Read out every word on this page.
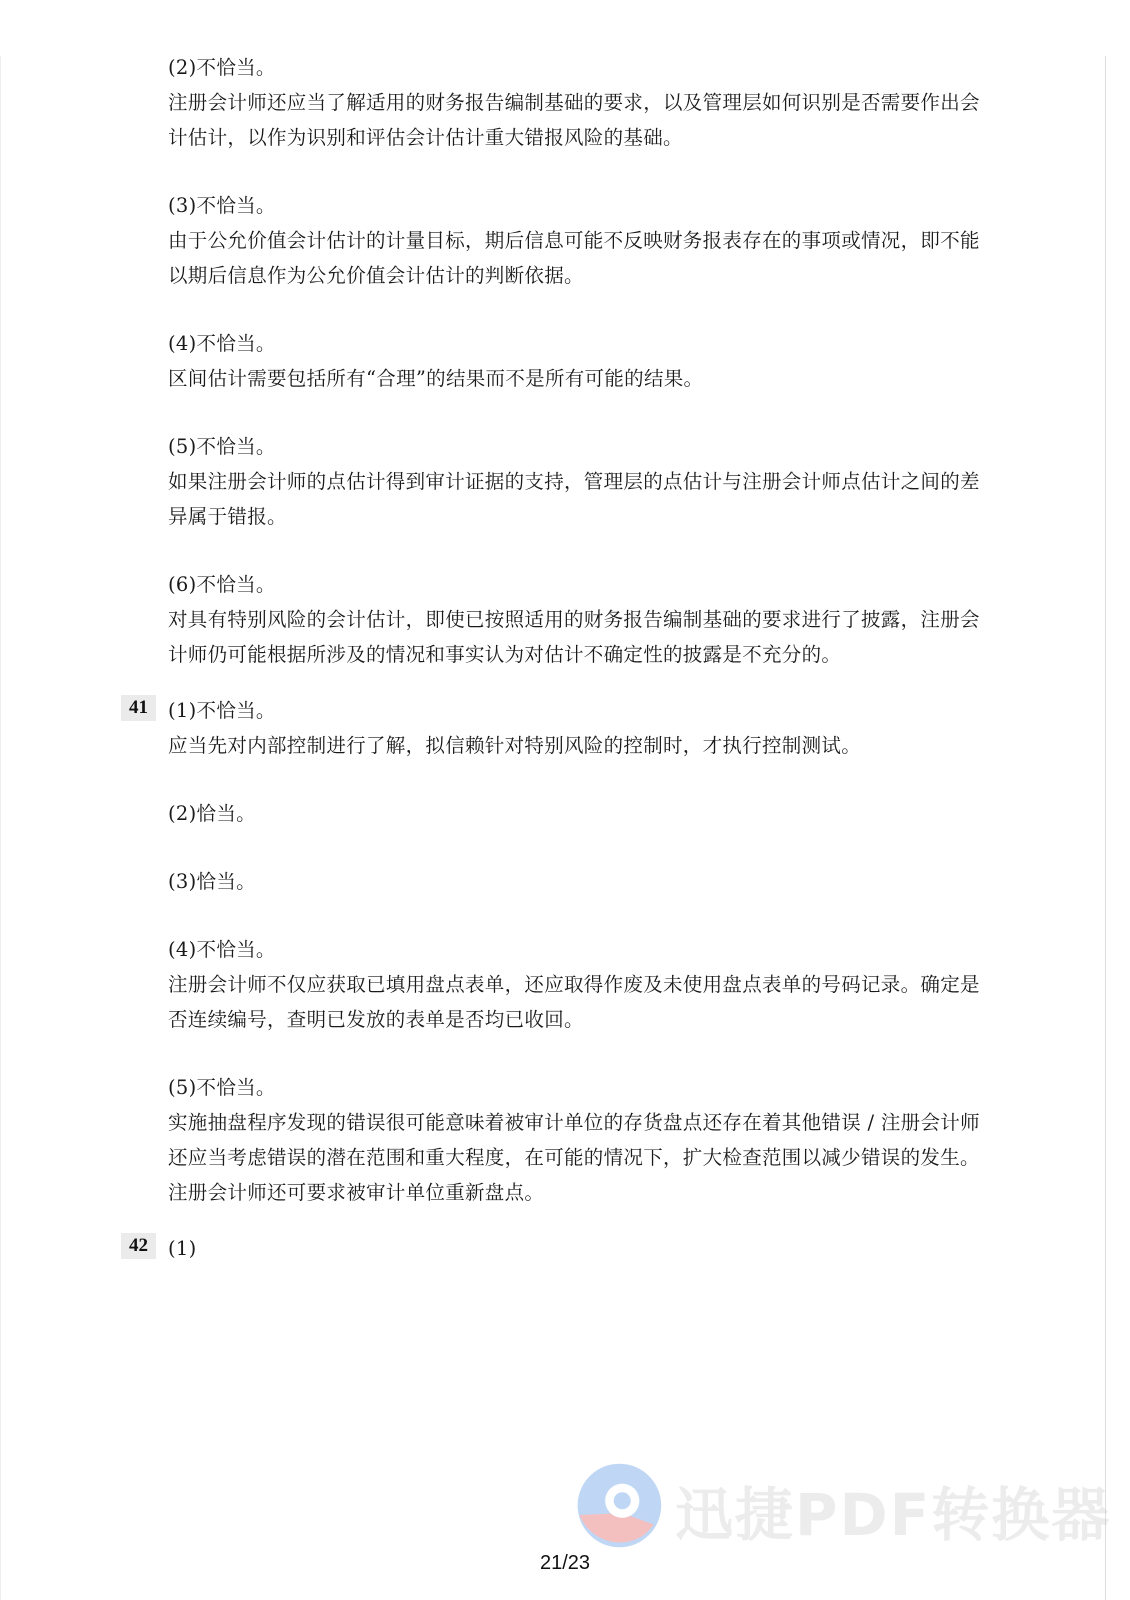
(2)不恰当。
注册会计师还应当了解适用的财务报告编制基础的要求，以及管理层如何识别是否需要作出会计估计，以作为识别和评估会计估计重大错报风险的基础。
(3)不恰当。
由于公允价值会计估计的计量目标，期后信息可能不反映财务报表存在的事项或情况，即不能以期后信息作为公允价值会计估计的判断依据。
(4)不恰当。
区间估计需要包括所有“合理”的结果而不是所有可能的结果。
(5)不恰当。
如果注册会计师的点估计得到审计证据的支持，管理层的点估计与注册会计师点估计之间的差异属于错报。
(6)不恰当。
对具有特别风险的会计估计，即使已按照适用的财务报告编制基础的要求进行了披露，注册会计师仍可能根据所涉及的情况和事实认为对估计不确定性的披露是不充分的。
41	(1)不恰当。
应当先对内部控制进行了解，拟信赖针对特别风险的控制时，才执行控制测试。
(2)恰当。
(3)恰当。
(4)不恰当。
注册会计师不仅应获取已填用盘点表单，还应取得作废及未使用盘点表单的号码记录。确定是否连续编号，查明已发放的表单是否均已收回。
(5)不恰当。
实施抽盘程序发现的错误很可能意味着被审计单位的存货盘点还存在着其他错误 / 注册会计师还应当考虑错误的潜在范围和重大程度，在可能的情况下，扩大检查范围以减少错误的发生。注册会计师还可要求被审计单位重新盘点。
42	(1)
21/23
迅捷PDF转换器
